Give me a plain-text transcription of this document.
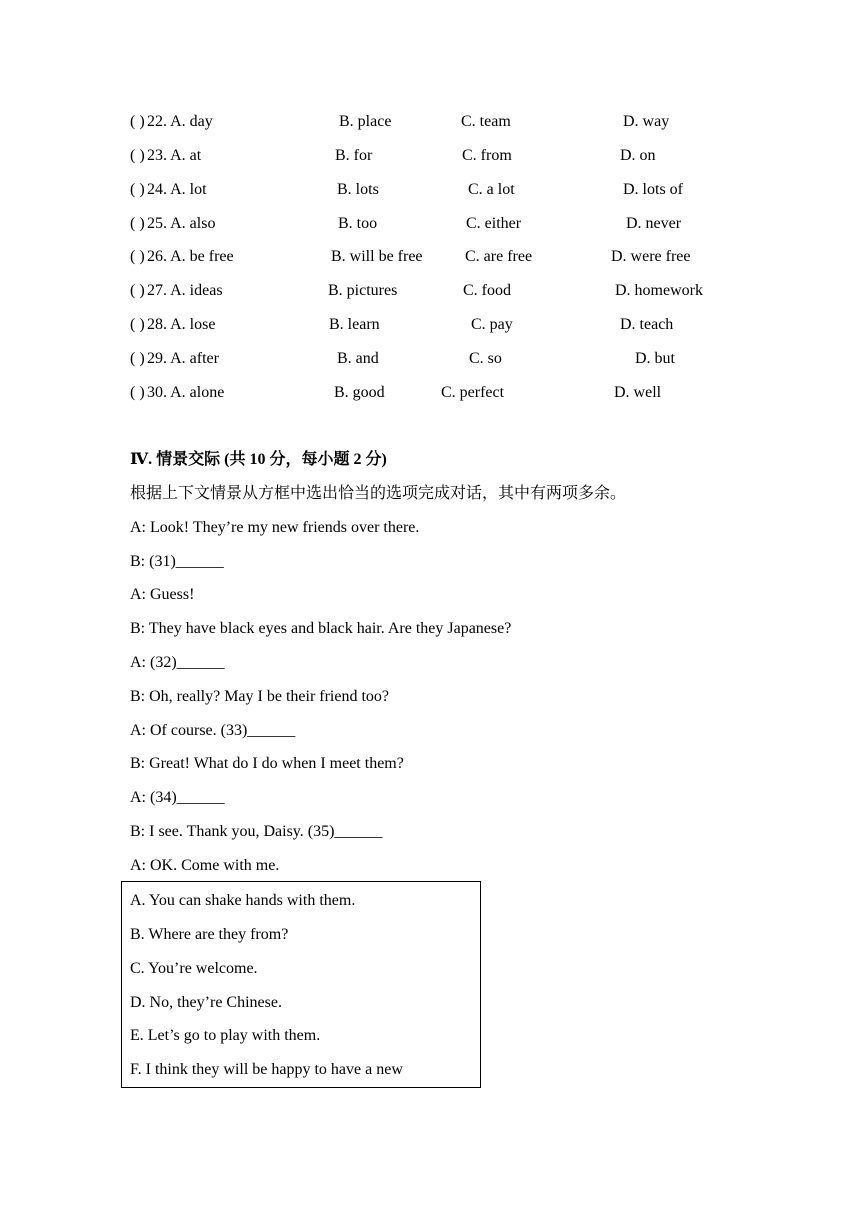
( ) 22. A. day	B. place	C. team	D. way
( ) 23. A. at	B. for	C. from	D. on
( ) 24. A. lot	B. lots	C. a lot	D. lots of
( ) 25. A. also	B. too	C. either	D. never
( ) 26. A. be free	B. will be free	C. are free	D. were free
( ) 27. A. ideas	B. pictures	C. food	D. homework
( ) 28. A. lose	B. learn	C. pay	D. teach
( ) 29. A. after	B. and	C. so	D. but
( ) 30. A. alone	B. good	C. perfect	D. well
Ⅳ. 情景交际 (共 10 分，每小题 2 分)
根据上下文情景从方框中选出恰当的选项完成对话，其中有两项多余。
A: Look! They’re my new friends over there.
B: (31)______
A: Guess!
B: They have black eyes and black hair. Are they Japanese?
A: (32)______
B: Oh, really? May I be their friend too?
A: Of course. (33)______
B: Great! What do I do when I meet them?
A: (34)______
B: I see. Thank you, Daisy. (35)______
A: OK. Come with me.
A. You can shake hands with them.
B. Where are they from?
C. You’re welcome.
D. No, they’re Chinese.
E. Let’s go to play with them.
F. I think they will be happy to have a new
